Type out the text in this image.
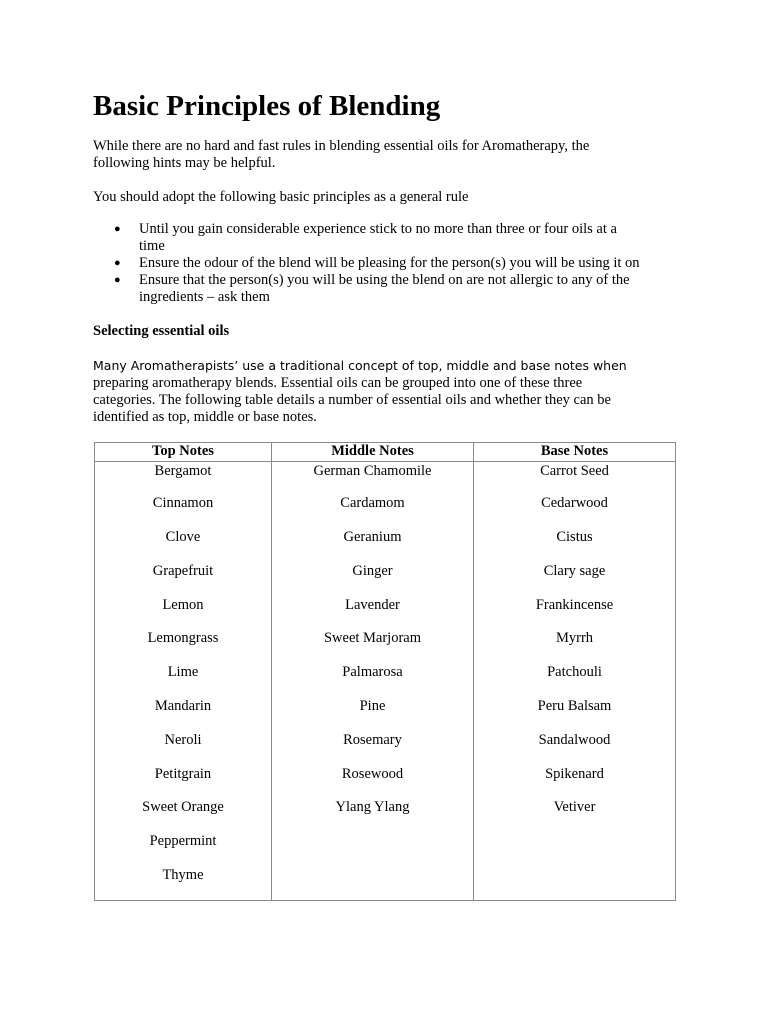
Basic Principles of Blending

While there are no hard and fast rules in blending essential oils for Aromatherapy, the
following hints may be helpful.

You should adopt the following basic principles as a general rule

● Until you gain considerable experience stick to no more than three or four oils at a
time
● Ensure the odour of the blend will be pleasing for the person(s) you will be using it on
● Ensure that the person(s) you will be using the blend on are not allergic to any of the
ingredients – ask them
Selecting essential oils

Many Aromatherapists’ use a traditional concept of top, middle and base notes when
preparing aromatherapy blends. Essential oils can be grouped into one of these three
categories. The following table details a number of essential oils and whether they can be
identified as top, middle or base notes.

Top Notes	Middle Notes	Base Notes
Bergamot	German Chamomile	Carrot Seed
Cinnamon	Cardamom	Cedarwood
Clove	Geranium	Cistus
Grapefruit	Ginger	Clary sage
Lemon	Lavender	Frankincense
Lemongrass	Sweet Marjoram	Myrrh
Lime	Palmarosa	Patchouli
Mandarin	Pine	Peru Balsam
Neroli	Rosemary	Sandalwood
Petitgrain	Rosewood	Spikenard
Sweet Orange	Ylang Ylang	Vetiver
Peppermint		
Thyme		
